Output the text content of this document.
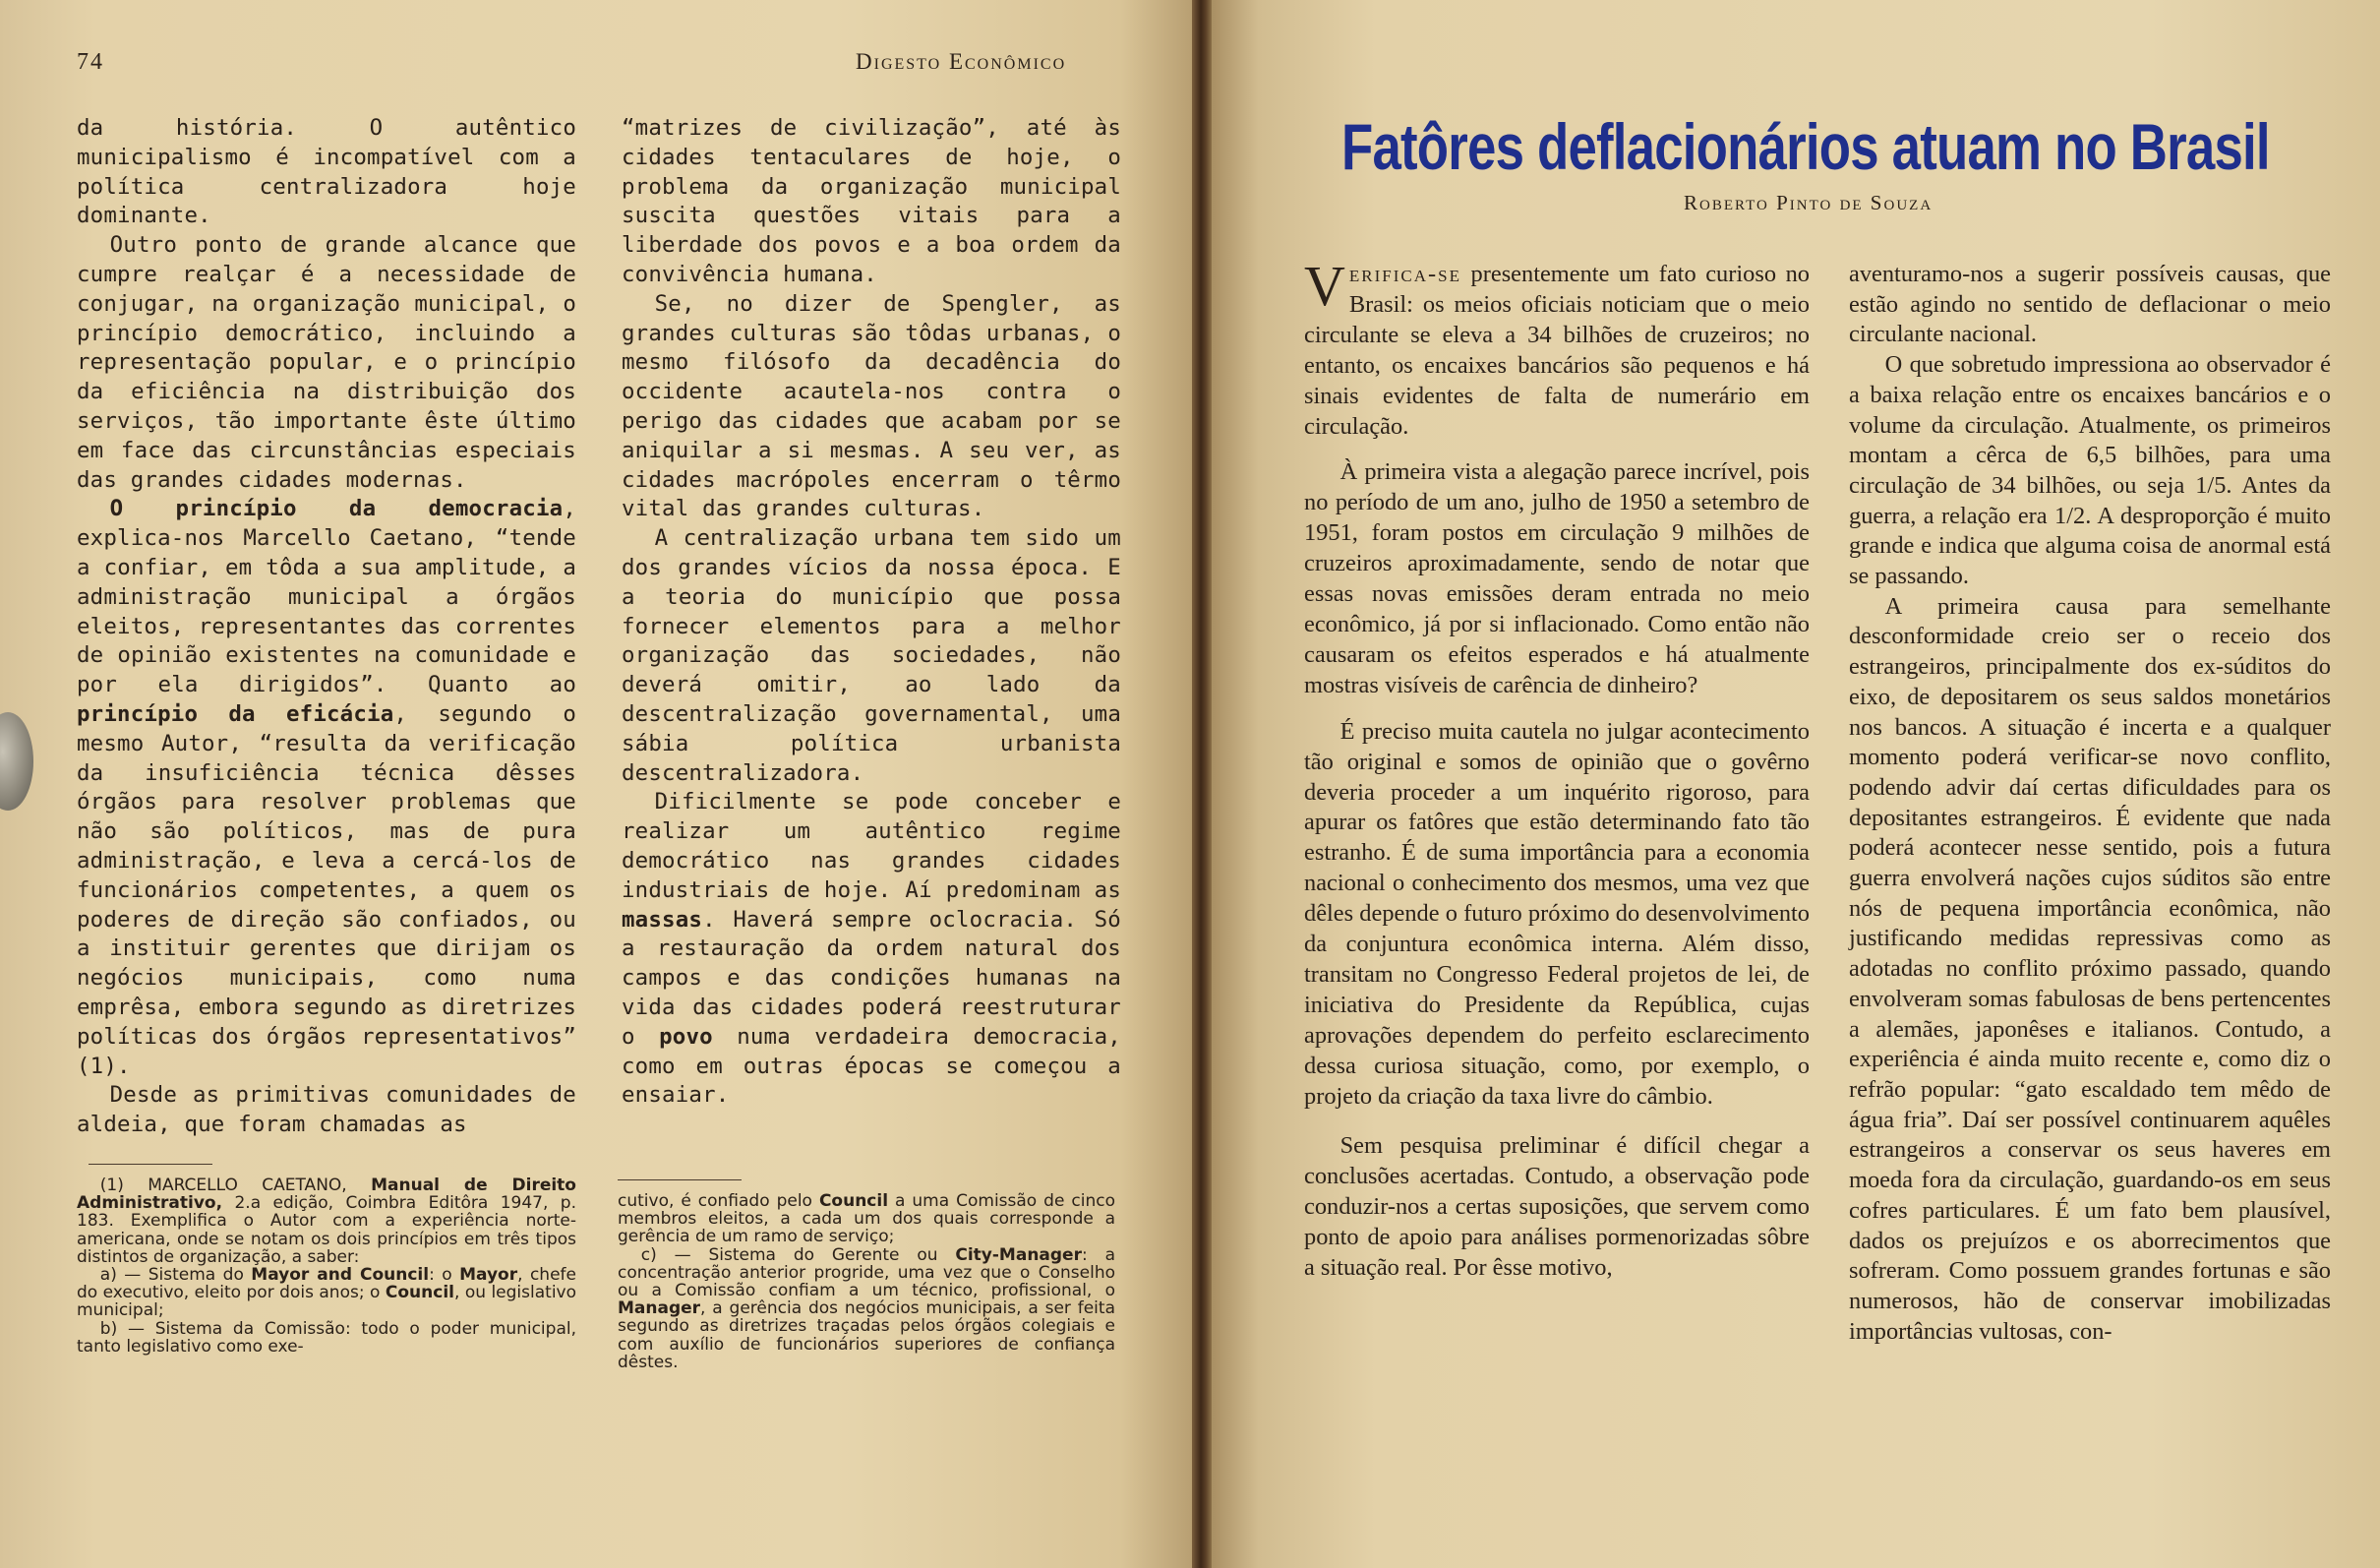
74	Digesto Econômico

da história. O autêntico municipalismo é incompatível com a política centralizadora hoje dominante.

Outro ponto de grande alcance que cumpre realçar é a necessidade de conjugar, na organização municipal, o princípio democrático, incluindo a representação popular, e o princípio da eficiência na distribuição dos serviços, tão importante êste último em face das circunstâncias especiais das grandes cidades modernas.

O princípio da democracia, explica-nos Marcello Caetano, “tende a confiar, em tôda a sua amplitude, a administração municipal a órgãos eleitos, representantes das correntes de opinião existentes na comunidade e por ela dirigidos”. Quanto ao princípio da eficácia, segundo o mesmo Autor, “resulta da verificação da insuficiência técnica dêsses órgãos para resolver problemas que não são políticos, mas de pura administração, e leva a cercá-los de funcionários competentes, a quem os poderes de direção são confiados, ou a instituir gerentes que dirijam os negócios municipais, como numa emprêsa, embora segundo as diretrizes políticas dos órgãos representativos” (1).

Desde as primitivas comunidades de aldeia, que foram chamadas as

“matrizes de civilização”, até às cidades tentaculares de hoje, o problema da organização municipal suscita questões vitais para a liberdade dos povos e a boa ordem da convivência humana.

Se, no dizer de Spengler, as grandes culturas são tôdas urbanas, o mesmo filósofo da decadência do occidente acautela-nos contra o perigo das cidades que acabam por se aniquilar a si mesmas. A seu ver, as cidades macrópoles encerram o têrmo vital das grandes culturas.

A centralização urbana tem sido um dos grandes vícios da nossa época. E a teoria do município que possa fornecer elementos para a melhor organização das sociedades, não deverá omitir, ao lado da descentralização governamental, uma sábia política urbanista descentralizadora.

Dificilmente se pode conceber e realizar um autêntico regime democrático nas grandes cidades industriais de hoje. Aí predominam as massas. Haverá sempre oclocracia. Só a restauração da ordem natural dos campos e das condições humanas na vida das cidades poderá reestruturar o povo numa verdadeira democracia, como em outras épocas se começou a ensaiar.

(1) MARCELLO CAETANO, Manual de Direito Administrativo, 2.a edição, Coimbra Editôra 1947, p. 183. Exemplifica o Autor com a experiência norte-americana, onde se notam os dois princípios em três tipos distintos de organização, a saber:

a) — Sistema do Mayor and Council: o Mayor, chefe do executivo, eleito por dois anos; o Council, ou legislativo municipal;

b) — Sistema da Comissão: todo o poder municipal, tanto legislativo como exe-

cutivo, é confiado pelo Council a uma Comissão de cinco membros eleitos, a cada um dos quais corresponde a gerência de um ramo de serviço;

c) — Sistema do Gerente ou City-Manager: a concentração anterior progride, uma vez que o Conselho ou a Comissão confiam a um técnico, profissional, o Manager, a gerência dos negócios municipais, a ser feita segundo as diretrizes traçadas pelos órgãos colegiais e com auxílio de funcionários superiores de confiança dêstes.

Fatôres deflacionários atuam no Brasil
Roberto Pinto de Souza

Verifica-se presentemente um fato curioso no Brasil: os meios oficiais noticiam que o meio circulante se eleva a 34 bilhões de cruzeiros; no entanto, os encaixes bancários são pequenos e há sinais evidentes de falta de numerário em circulação.

À primeira vista a alegação parece incrível, pois no período de um ano, julho de 1950 a setembro de 1951, foram postos em circulação 9 milhões de cruzeiros aproximadamente, sendo de notar que essas novas emissões deram entrada no meio econômico, já por si inflacionado. Como então não causaram os efeitos esperados e há atualmente mostras visíveis de carência de dinheiro?

É preciso muita cautela no julgar acontecimento tão original e somos de opinião que o govêrno deveria proceder a um inquérito rigoroso, para apurar os fatôres que estão determinando fato tão estranho. É de suma importância para a economia nacional o conhecimento dos mesmos, uma vez que dêles depende o futuro próximo do desenvolvimento da conjuntura econômica interna. Além disso, transitam no Congresso Federal projetos de lei, de iniciativa do Presidente da República, cujas aprovações dependem do perfeito esclarecimento dessa curiosa situação, como, por exemplo, o projeto da criação da taxa livre do câmbio.

Sem pesquisa preliminar é difícil chegar a conclusões acertadas. Contudo, a observação pode conduzir-nos a certas suposições, que servem como ponto de apoio para análises pormenorizadas sôbre a situação real. Por êsse motivo,

aventuramo-nos a sugerir possíveis causas, que estão agindo no sentido de deflacionar o meio circulante nacional.

O que sobretudo impressiona ao observador é a baixa relação entre os encaixes bancários e o volume da circulação. Atualmente, os primeiros montam a cêrca de 6,5 bilhões, para uma circulação de 34 bilhões, ou seja 1/5. Antes da guerra, a relação era 1/2. A desproporção é muito grande e indica que alguma coisa de anormal está se passando.

A primeira causa para semelhante desconformidade creio ser o receio dos estrangeiros, principalmente dos ex-súditos do eixo, de depositarem os seus saldos monetários nos bancos. A situação é incerta e a qualquer momento poderá verificar-se novo conflito, podendo advir daí certas dificuldades para os depositantes estrangeiros. É evidente que nada poderá acontecer nesse sentido, pois a futura guerra envolverá nações cujos súditos são entre nós de pequena importância econômica, não justificando medidas repressivas como as adotadas no conflito próximo passado, quando envolveram somas fabulosas de bens pertencentes a alemães, japonêses e italianos. Contudo, a experiência é ainda muito recente e, como diz o refrão popular: “gato escaldado tem mêdo de água fria”. Daí ser possível continuarem aquêles estrangeiros a conservar os seus haveres em moeda fora da circulação, guardando-os em seus cofres particulares. É um fato bem plausível, dados os prejuízos e os aborrecimentos que sofreram. Como possuem grandes fortunas e são numerosos, hão de conservar imobilizadas importâncias vultosas, con-
